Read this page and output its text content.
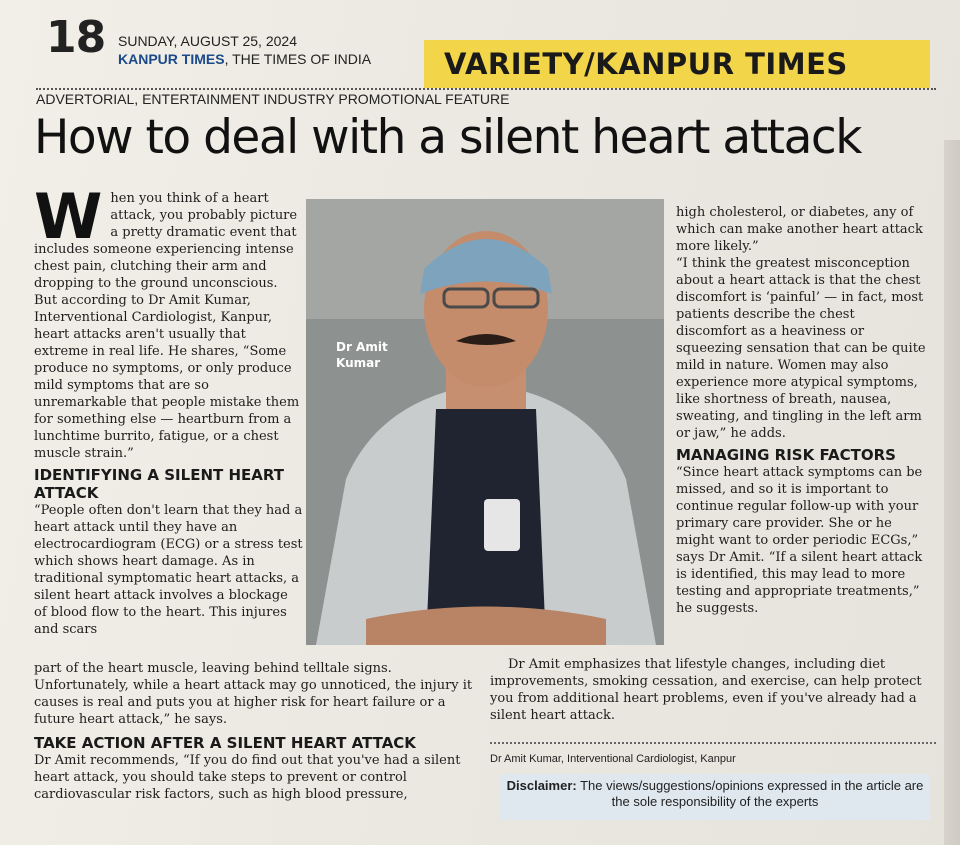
18 SUNDAY, AUGUST 25, 2024
KANPUR TIMES, THE TIMES OF INDIA	VARIETY/KANPUR TIMES
ADVERTORIAL, ENTERTAINMENT INDUSTRY PROMOTIONAL FEATURE
How to deal with a silent heart attack

When you think of a heart attack, you probably picture a pretty dramatic event that includes someone experiencing intense chest pain, clutching their arm and dropping to the ground unconscious. But according to Dr Amit Kumar, Interventional Cardiologist, Kanpur, heart attacks aren't usually that extreme in real life. He shares, “Some produce no symptoms, or only produce mild symptoms that are so unremarkable that people mistake them for something else — heartburn from a lunchtime burrito, fatigue, or a chest muscle strain.”

IDENTIFYING A SILENT HEART ATTACK

“People often don't learn that they had a heart attack until they have an electrocardiogram (ECG) or a stress test which shows heart damage. As in traditional symptomatic heart attacks, a silent heart attack involves a blockage of blood flow to the heart. This injures and scars

part of the heart muscle, leaving behind telltale signs. Unfortunately, while a heart attack may go unnoticed, the injury it causes is real and puts you at higher risk for heart failure or a future heart attack,” he says.

TAKE ACTION AFTER A SILENT HEART ATTACK

Dr Amit recommends, “If you do find out that you've had a silent heart attack, you should take steps to prevent or control cardiovascular risk factors, such as high blood pressure,

Dr Amit Kumar

high cholesterol, or diabetes, any of which can make another heart attack more likely.”

“I think the greatest misconception about a heart attack is that the chest discomfort is ‘painful’ — in fact, most patients describe the chest discomfort as a heaviness or squeezing sensation that can be quite mild in nature. Women may also experience more atypical symptoms, like shortness of breath, nausea, sweating, and tingling in the left arm or jaw,” he adds.

MANAGING RISK FACTORS

“Since heart attack symptoms can be missed, and so it is important to continue regular follow-up with your primary care provider. She or he might want to order periodic ECGs,” says Dr Amit. “If a silent heart attack is identified, this may lead to more testing and appropriate treatments,” he suggests.

Dr Amit emphasizes that lifestyle changes, including diet improvements, smoking cessation, and exercise, can help protect you from additional heart problems, even if you've already had a silent heart attack.

Dr Amit Kumar, Interventional Cardiologist, Kanpur
Disclaimer: The views/suggestions/opinions expressed in the article are the sole responsibility of the experts
